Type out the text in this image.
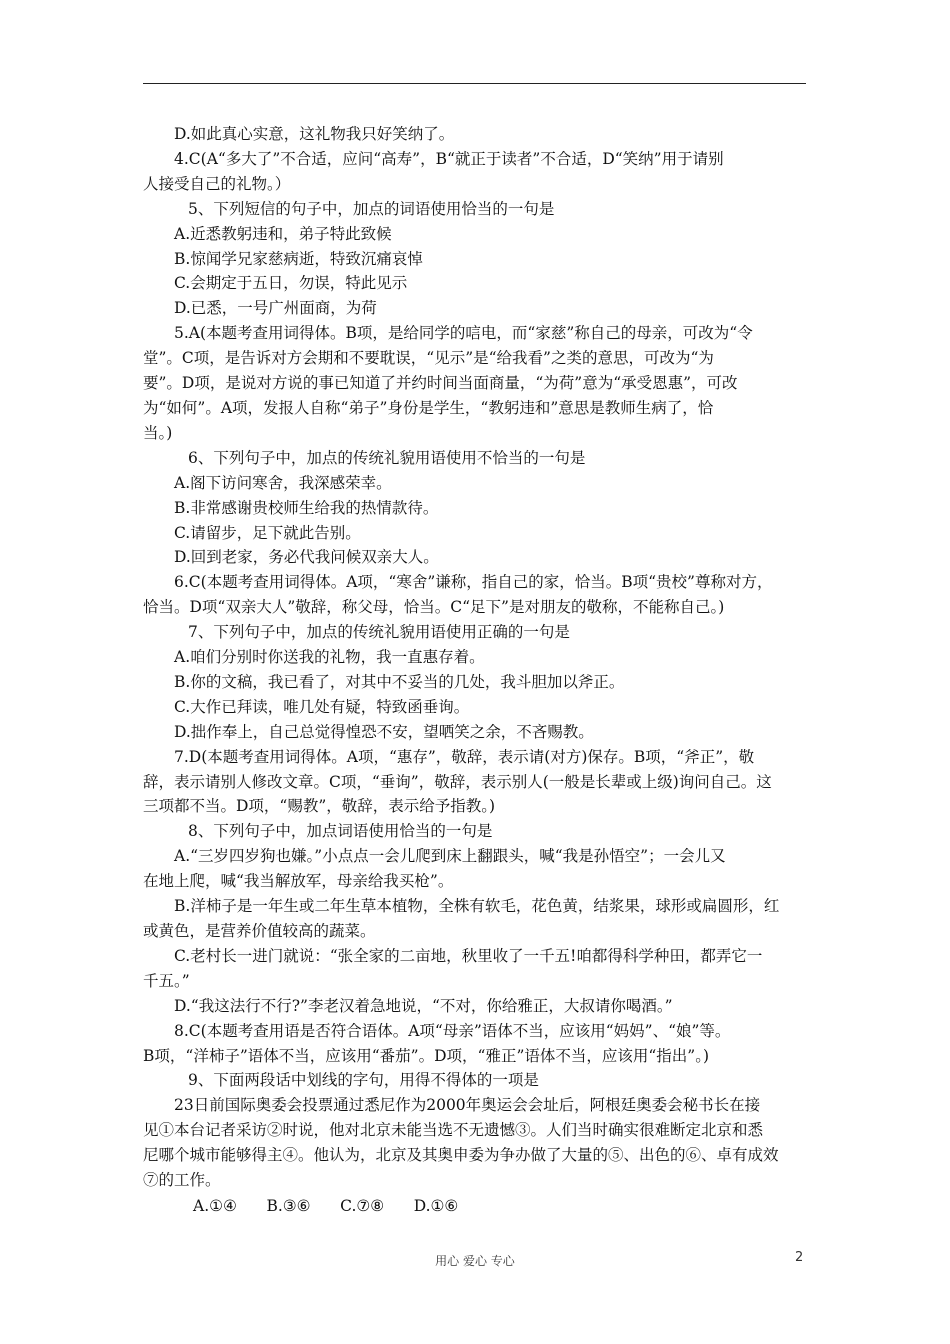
D.如此真心实意，这礼物我只好笑纳了。
4.C(A“多大了”不合适，应问“高寿”，B“就正于读者”不合适，D“笑纳”用于请别
人接受自己的礼物。）
5、下列短信的句子中，加点的词语使用恰当的一句是
A.近悉教躬违和，弟子特此致候
B.惊闻学兄家慈病逝，特致沉痛哀悼
C.会期定于五日，勿误，特此见示
D.已悉，一号广州面商，为荷
5.A(本题考查用词得体。B项，是给同学的唁电，而“家慈”称自己的母亲，可改为“令
堂”。C项，是告诉对方会期和不要耽误，“见示”是“给我看”之类的意思，可改为“为
要”。D项，是说对方说的事已知道了并约时间当面商量，“为荷”意为“承受恩惠”，可改
为“如何”。A项，发报人自称“弟子”身份是学生，“教躬违和”意思是教师生病了，恰
当。)
6、下列句子中，加点的传统礼貌用语使用不恰当的一句是
A.阁下访问寒舍，我深感荣幸。
B.非常感谢贵校师生给我的热情款待。
C.请留步，足下就此告别。
D.回到老家，务必代我问候双亲大人。
6.C(本题考查用词得体。A项，“寒舍”谦称，指自己的家，恰当。B项“贵校”尊称对方，
恰当。D项“双亲大人”敬辞，称父母，恰当。C“足下”是对朋友的敬称，不能称自己。)
7、下列句子中，加点的传统礼貌用语使用正确的一句是
A.咱们分别时你送我的礼物，我一直惠存着。
B.你的文稿，我已看了，对其中不妥当的几处，我斗胆加以斧正。
C.大作已拜读，唯几处有疑，特致函垂询。
D.拙作奉上，自己总觉得惶恐不安，望哂笑之余，不吝赐教。
7.D(本题考查用词得体。A项，“惠存”，敬辞，表示请(对方)保存。B项，“斧正”，敬
辞，表示请别人修改文章。C项，“垂询”，敬辞，表示别人(一般是长辈或上级)询问自己。这
三项都不当。D项，“赐教”，敬辞，表示给予指教。)
8、下列句子中，加点词语使用恰当的一句是
A.“三岁四岁狗也嫌。”小点点一会儿爬到床上翻跟头，喊“我是孙悟空”；一会儿又
在地上爬，喊“我当解放军，母亲给我买枪”。
B.洋柿子是一年生或二年生草本植物，全株有软毛，花色黄，结浆果，球形或扁圆形，红
或黄色，是营养价值较高的蔬菜。
C.老村长一进门就说：“张全家的二亩地，秋里收了一千五!咱都得科学种田，都弄它一
千五。”
D.“我这法行不行?”李老汉着急地说，“不对，你给雅正，大叔请你喝酒。”
8.C(本题考查用语是否符合语体。A项“母亲”语体不当，应该用“妈妈”、“娘”等。
B项，“洋柿子”语体不当，应该用“番茄”。D项，“雅正”语体不当，应该用“指出”。)
9、下面两段话中划线的字句，用得不得体的一项是
23日前国际奥委会投票通过悉尼作为2000年奥运会会址后，阿根廷奥委会秘书长在接
见①本台记者采访②时说，他对北京未能当选不无遗憾③。人们当时确实很难断定北京和悉
尼哪个城市能够得主④。他认为，北京及其奥申委为争办做了大量的⑤、出色的⑥、卓有成效
⑦的工作。
A.①④      B.③⑥      C.⑦⑧      D.①⑥
用心 爱心 专心	2
